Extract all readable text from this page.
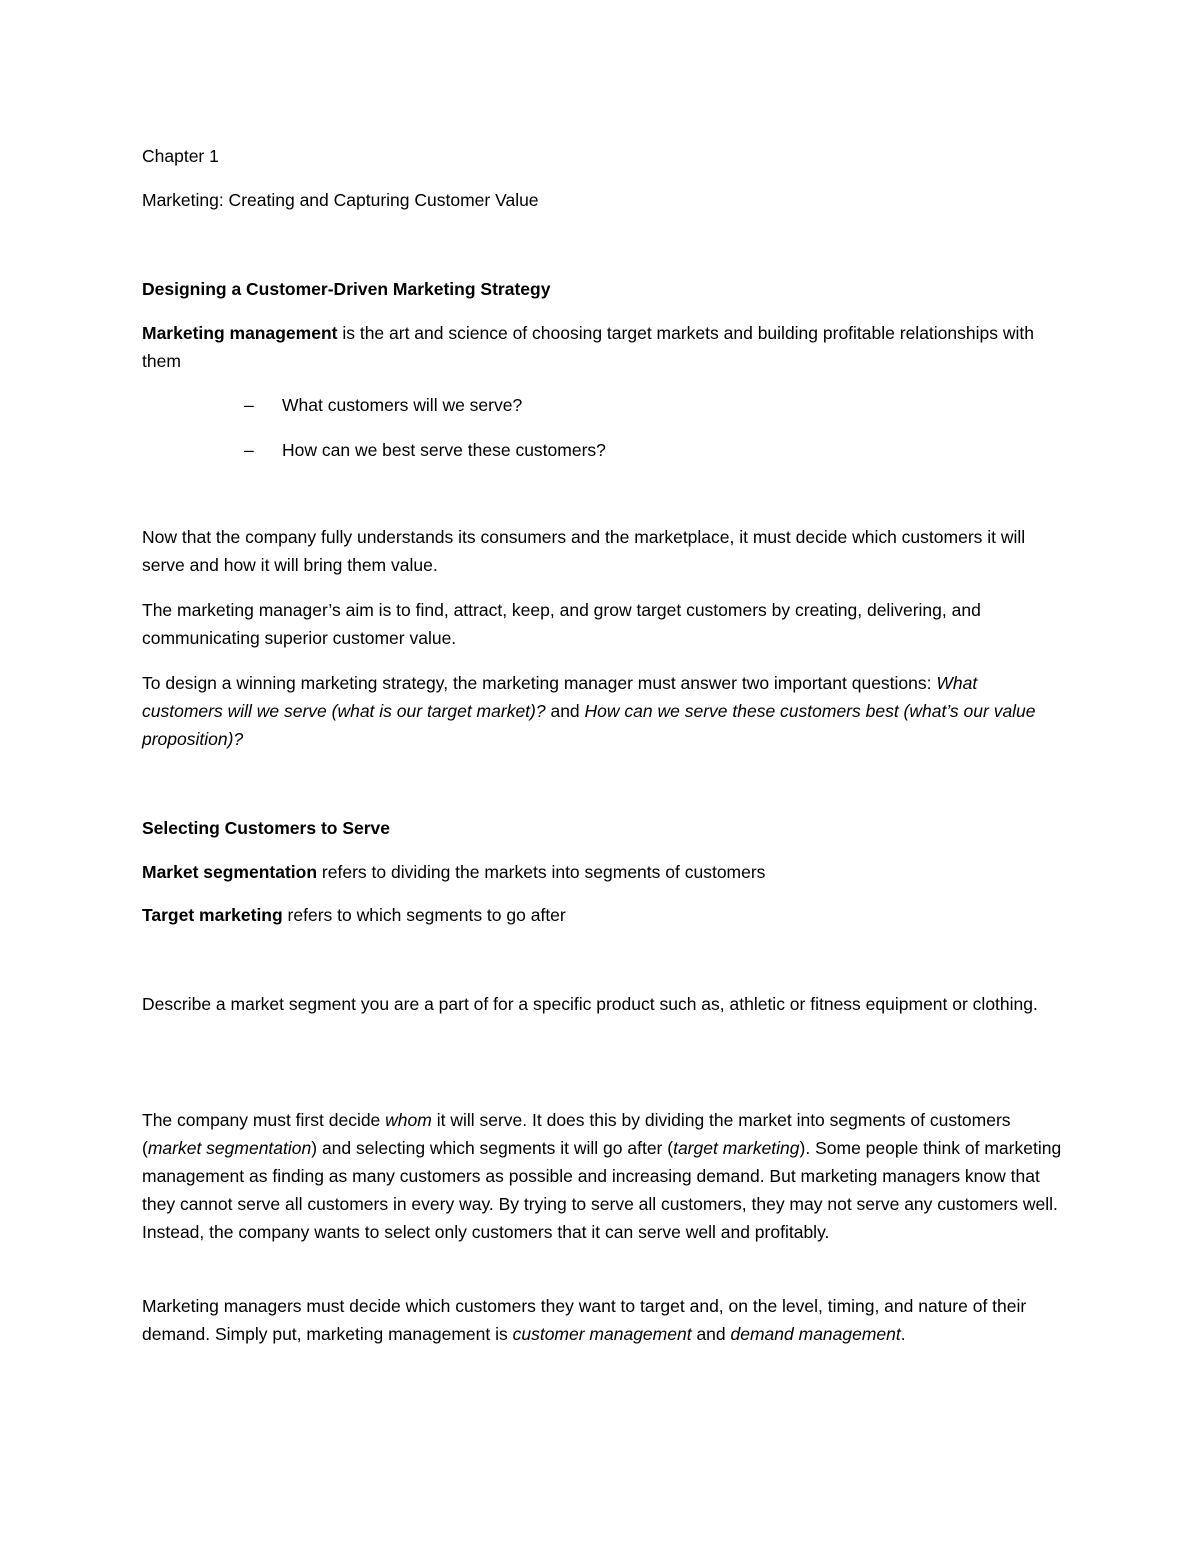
Chapter 1

Marketing: Creating and Capturing Customer Value

Designing a Customer-Driven Marketing Strategy

Marketing management is the art and science of choosing target markets and building profitable relationships with them

– What customers will we serve?

– How can we best serve these customers?

Now that the company fully understands its consumers and the marketplace, it must decide which customers it will serve and how it will bring them value.

The marketing manager’s aim is to find, attract, keep, and grow target customers by creating, delivering, and communicating superior customer value.

To design a winning marketing strategy, the marketing manager must answer two important questions: What customers will we serve (what is our target market)? and How can we serve these customers best (what’s our value proposition)?

Selecting Customers to Serve

Market segmentation refers to dividing the markets into segments of customers

Target marketing refers to which segments to go after

Describe a market segment you are a part of for a specific product such as, athletic or fitness equipment or clothing.

The company must first decide whom it will serve. It does this by dividing the market into segments of customers (market segmentation) and selecting which segments it will go after (target marketing). Some people think of marketing management as finding as many customers as possible and increasing demand. But marketing managers know that they cannot serve all customers in every way. By trying to serve all customers, they may not serve any customers well. Instead, the company wants to select only customers that it can serve well and profitably.

Marketing managers must decide which customers they want to target and, on the level, timing, and nature of their demand. Simply put, marketing management is customer management and demand management.
